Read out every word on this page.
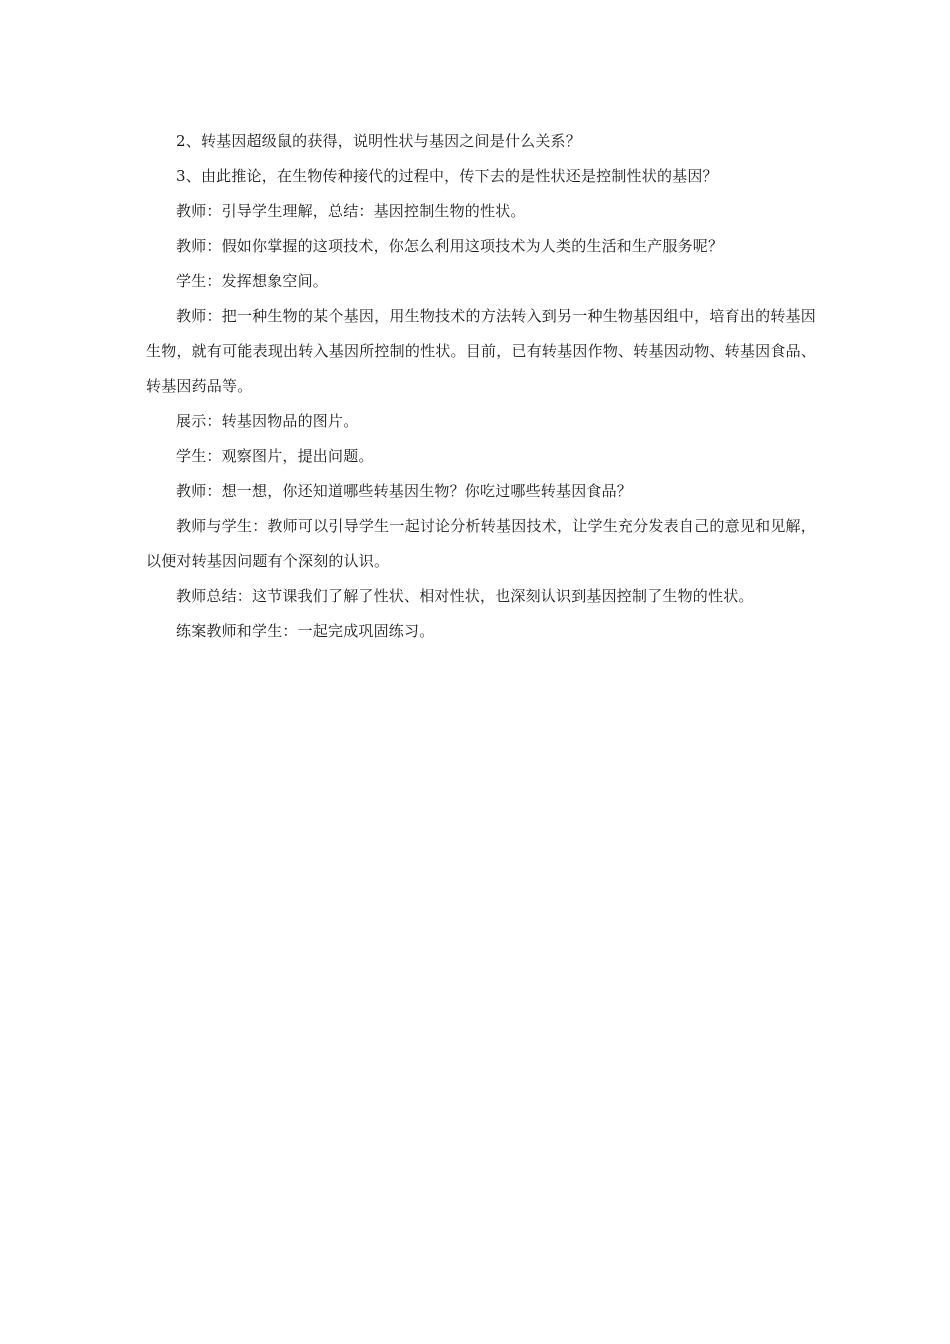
2、转基因超级鼠的获得，说明性状与基因之间是什么关系？

3、由此推论，在生物传种接代的过程中，传下去的是性状还是控制性状的基因？

教师：引导学生理解，总结：基因控制生物的性状。

教师：假如你掌握的这项技术，你怎么利用这项技术为人类的生活和生产服务呢？

学生：发挥想象空间。

教师：把一种生物的某个基因，用生物技术的方法转入到另一种生物基因组中，培育出的转基因生物，就有可能表现出转入基因所控制的性状。目前，已有转基因作物、转基因动物、转基因食品、转基因药品等。

展示：转基因物品的图片。

学生：观察图片，提出问题。

教师：想一想，你还知道哪些转基因生物？你吃过哪些转基因食品？

教师与学生：教师可以引导学生一起讨论分析转基因技术，让学生充分发表自己的意见和见解，以便对转基因问题有个深刻的认识。

教师总结：这节课我们了解了性状、相对性状，也深刻认识到基因控制了生物的性状。

练案教师和学生：一起完成巩固练习。
